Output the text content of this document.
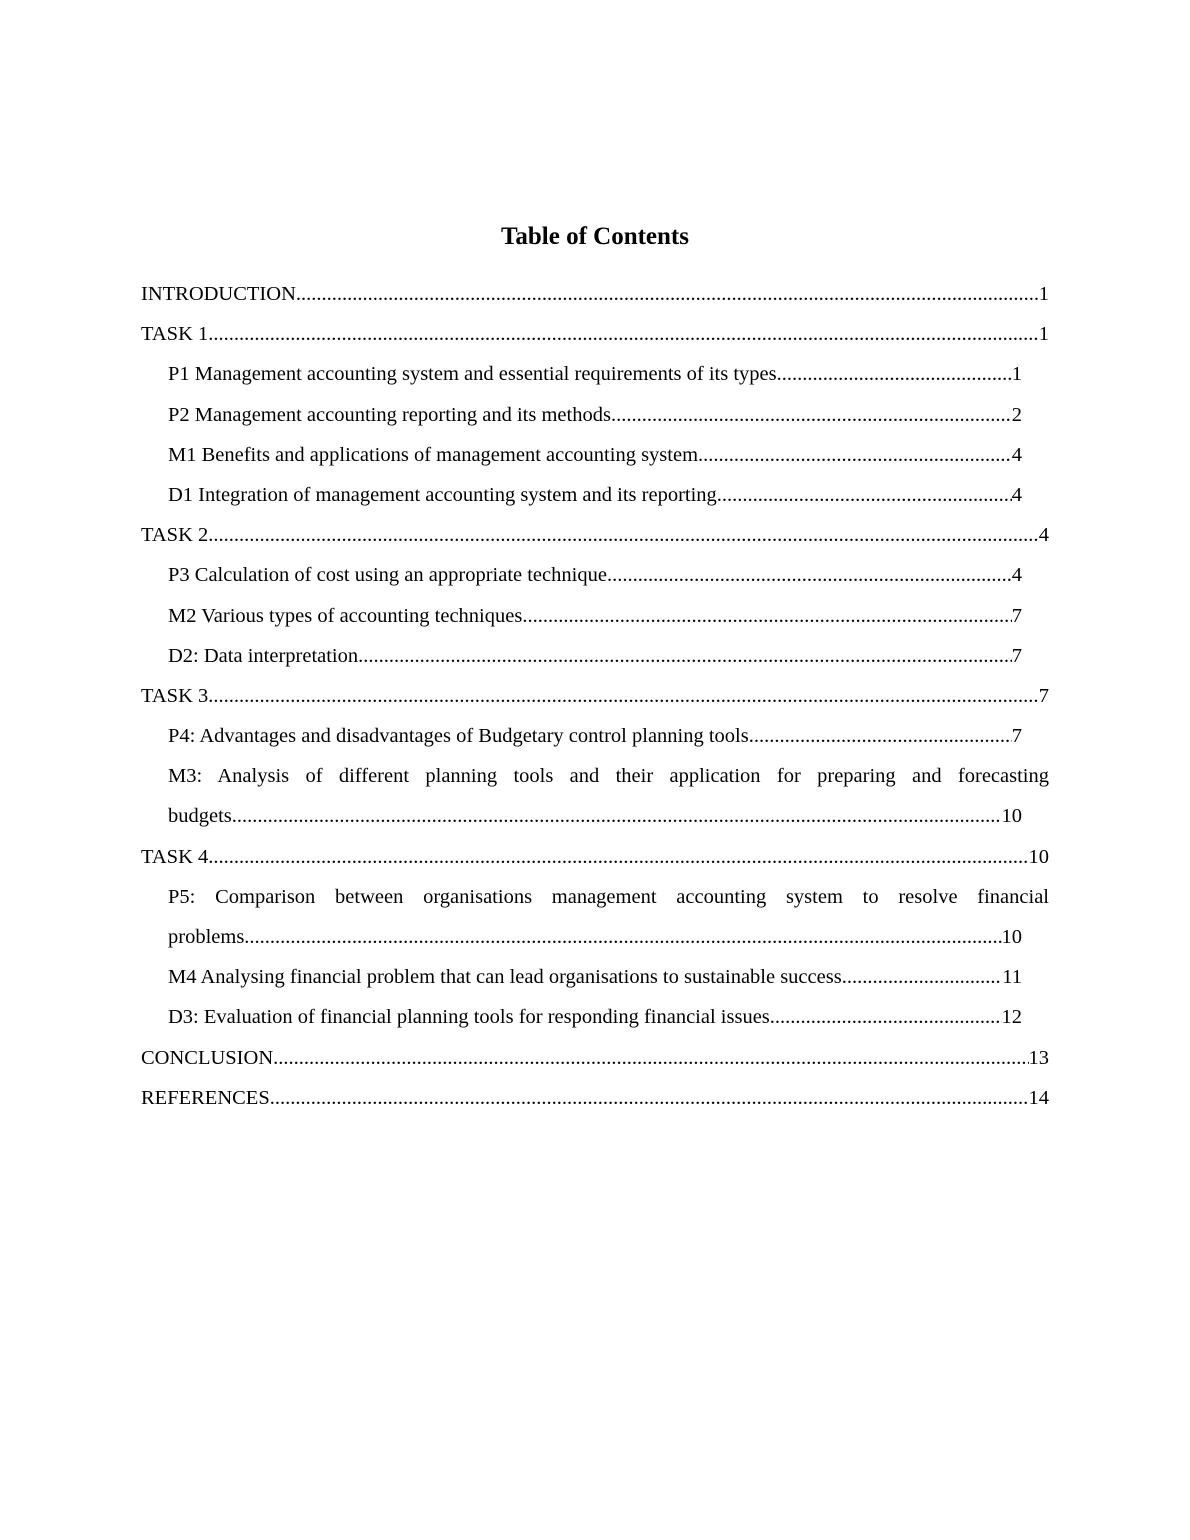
Table of Contents
INTRODUCTION .....	1
TASK 1 .....	1
P1 Management accounting system and essential requirements of its types .....	1
P2 Management accounting reporting and its methods .....	2
M1 Benefits and applications of management accounting system .....	4
D1 Integration of management accounting system and its reporting .....	4
TASK 2 .....	4
P3 Calculation of cost using an appropriate technique .....	4
M2 Various types of accounting techniques .....	7
D2: Data interpretation .....	7
TASK 3 .....	7
P4: Advantages and disadvantages of Budgetary control planning tools .....	7
M3: Analysis of different planning tools and their application for preparing and forecasting
budgets .....	10
TASK 4 .....	10
P5: Comparison between organisations management accounting system to resolve financial
problems .....	10
M4 Analysing financial problem that can lead organisations to sustainable success .....	11
D3: Evaluation of financial planning tools for responding financial issues .....	12
CONCLUSION .....	13
REFERENCES .....	14
